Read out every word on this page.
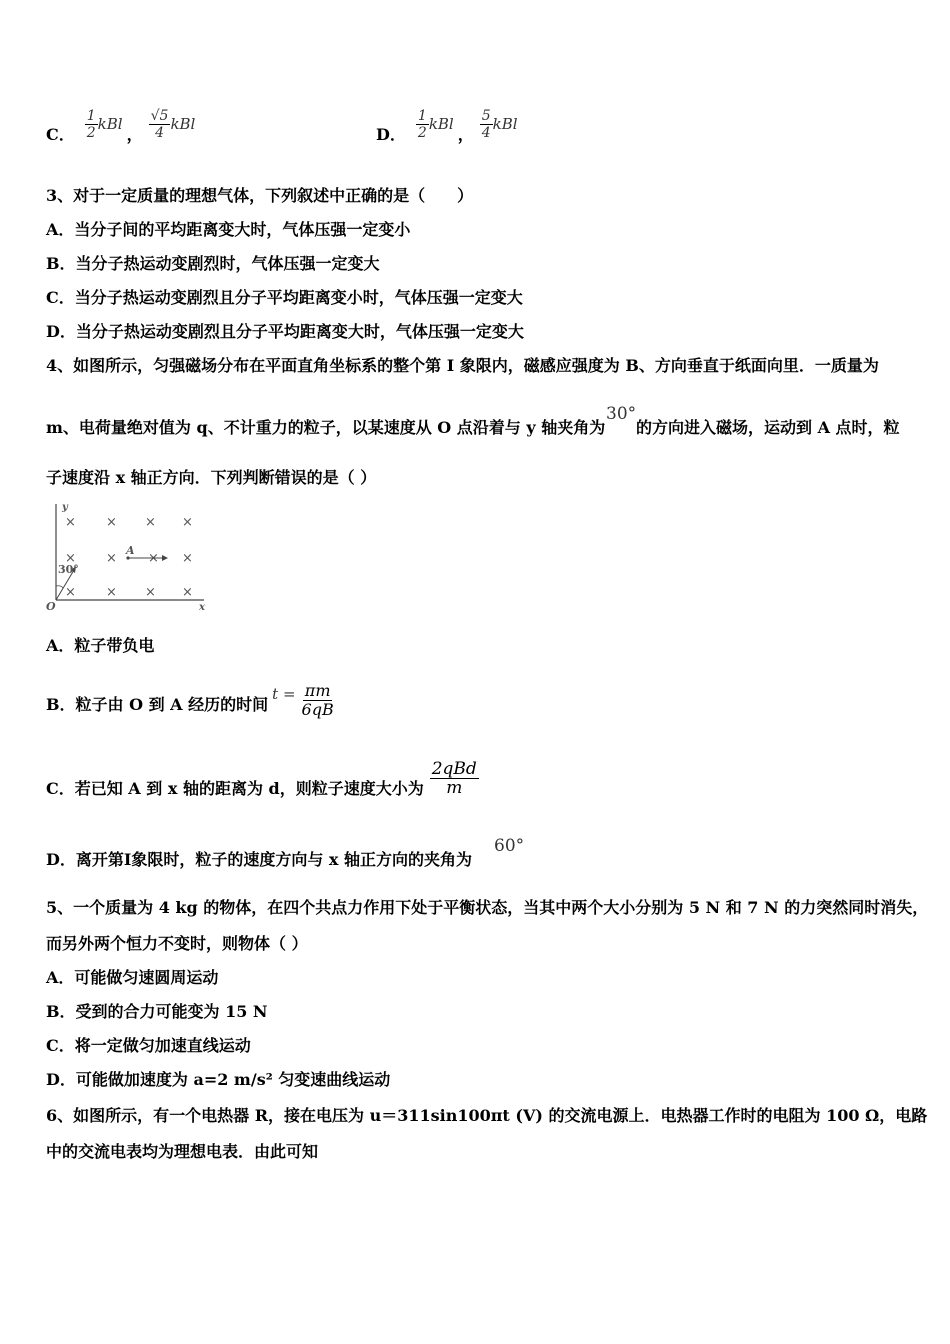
C． $\frac{1}{2}$ kBl
， $\frac{√5}{4}$ kBl
D． $\frac{1}{2}$ kBl
， $\frac{5}{4}$ kBl
3、对于一定质量的理想气体，下列叙述中正确的是（　　）
A．当分子间的平均距离变大时，气体压强一定变小
B．当分子热运动变剧烈时，气体压强一定变大
C．当分子热运动变剧烈且分子平均距离变小时，气体压强一定变大
D．当分子热运动变剧烈且分子平均距离变大时，气体压强一定变大
4、如图所示，匀强磁场分布在平面直角坐标系的整个第 I 象限内，磁感应强度为 B、方向垂直于纸面向里．一质量为
m、电荷量绝对值为 q、不计重力的粒子，以某速度从 O 点沿着与 y 轴夹角为
30°
的方向进入磁场，运动到 A 点时，粒
子速度沿 x 轴正方向．下列判断错误的是（ ）
y
x
O
× × × ×
× ×	×
× × × ×
×
A
30°
A．粒子带负电
B．粒子由 O 到 A 经历的时间
$t = \frac{\pi m}{6qB}$
C．若已知 A 到 x 轴的距离为 d，则粒子速度大小为 $\frac{\text{2qBd}}{m}$
D．离开第Ⅰ象限时，粒子的速度方向与 x 轴正方向的夹角为
60°
5、一个质量为 4 kg 的物体，在四个共点力作用下处于平衡状态，当其中两个大小分别为 5 N 和 7 N 的力突然同时消失，
而另外两个恒力不变时，则物体（ ）
A．可能做匀速圆周运动
B．受到的合力可能变为 15 N
C．将一定做匀加速直线运动
D．可能做加速度为 a=2 m/s² 匀变速曲线运动
6、如图所示，有一个电热器 R，接在电压为 u＝311sin100πt (V) 的交流电源上．电热器工作时的电阻为 100 Ω，电路
中的交流电表均为理想电表．由此可知
